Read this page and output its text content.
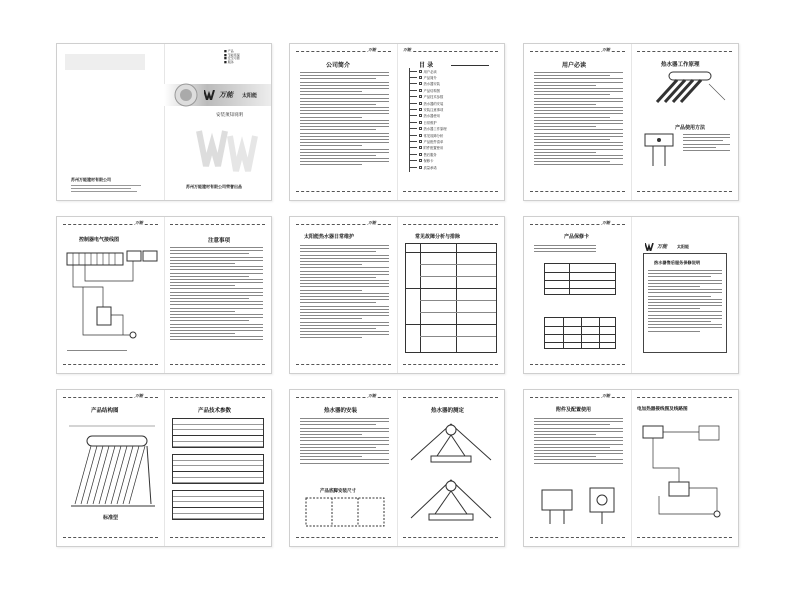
苏州万能建材有限公司
■ 产品
■ 节能环保
■ 安全可靠
■ 服务
万能 太阳能
安装须知说明
苏州万能建材有限公司荣誉出品
万能
公司简介
万能
目 录
用户必读
产品简介
热水器安装
产品结构图
产品技术参数
热水器的安装
安装注意事项
热水器使用
日常维护
热水器工作原理
常见故障分析
产品配件清单
附件配置使用
售后服务
保修卡
质量承诺
万能
用户必读	热水器工作原理
产品使用方法
万能
控制器电气接线图	注意事项
万能
太阳能热水器日常维护	常见故障分析与排除
万能
产品保修卡
万能 太阳能
热水器售后服务保修说明
万能
产品结构图
标准型
产品技术参数
万能
热水器的安装
产品底脚安装尺寸
热水器的测定
万能
附件及配置使用	电加热器接线图及线路图
